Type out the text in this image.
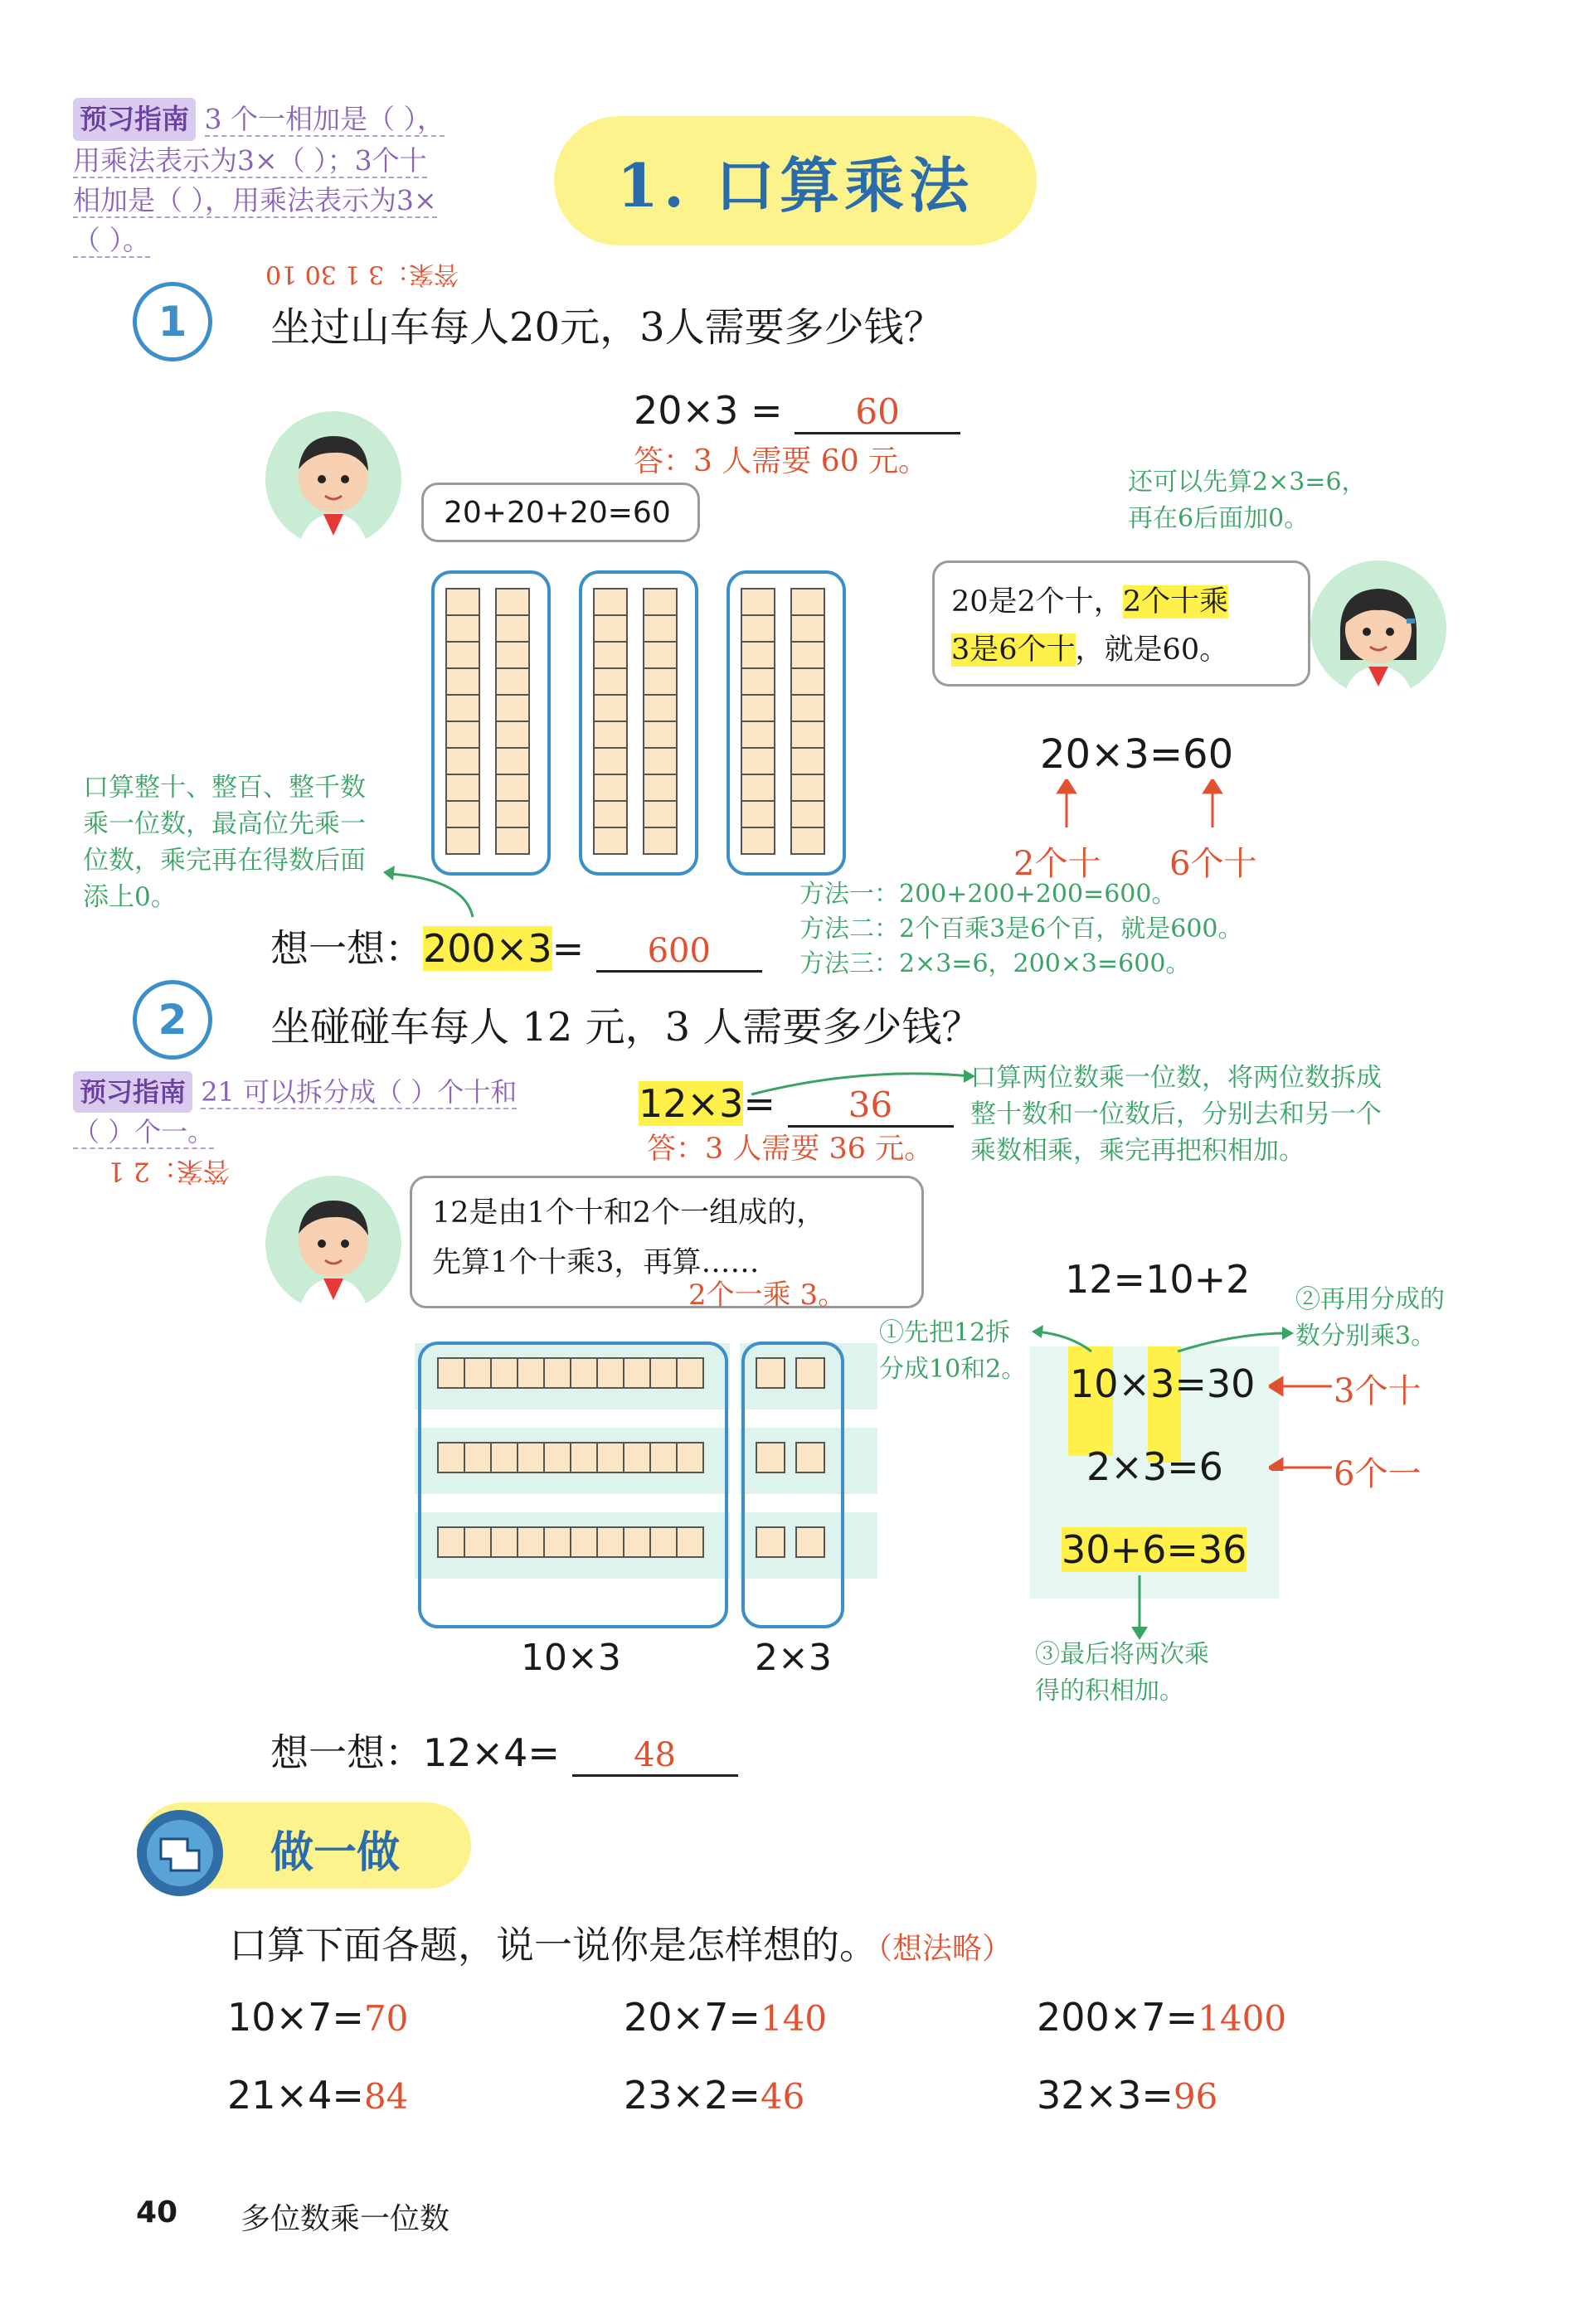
预习指南 3 个一相加是（ ），
用乘法表示为3×（ ）；3个十
相加是（ ），用乘法表示为3×
（ ）。
答案：3 1 30 10
1. 口算乘法
1	坐过山车每人20元，3人需要多少钱？
20×3 = 60
答：3 人需要 60 元。
20+20+20=60
还可以先算2×3=6，
再在6后面加0。
20是2个十，2个十乘
3是6个十，就是60。
20×3=60
2个十 6个十
口算整十、整百、整千数
乘一位数，最高位先乘一
位数，乘完再在得数后面
添上0。
想一想：200×3= 600
方法一：200+200+200=600。
方法二：2个百乘3是6个百，就是600。
方法三：2×3=6，200×3=600。
2	坐碰碰车每人 12 元，3 人需要多少钱？
预习指南 21 可以拆分成（ ）个十和
（ ）个一。
答案：2 1
12×3= 36
答：3 人需要 36 元。
口算两位数乘一位数，将两位数拆成
整十数和一位数后，分别去和另一个
乘数相乘，乘完再把积相加。
12是由1个十和2个一组成的，
先算1个十乘3，再算……
2个一乘 3。
10×3	2×3
12=10+2
①先把12拆
分成10和2。
②再用分成的
数分别乘3。
10×3=30
2×3=6
3个十
6个一
30+6=36
③最后将两次乘
得的积相加。
想一想：12×4= 48
做一做
口算下面各题，说一说你是怎样想的。（想法略）
10×7=70	20×7=140	200×7=1400
21×4=84	23×2=46	32×3=96
40 多位数乘一位数
